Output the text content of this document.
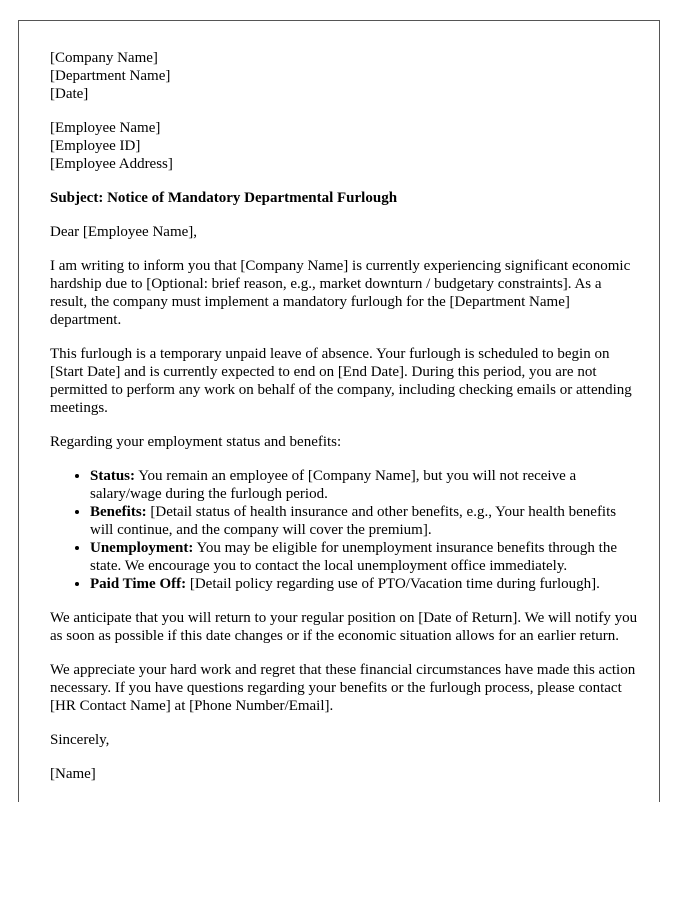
[Company Name]
[Department Name]
[Date]
[Employee Name]
[Employee ID]
[Employee Address]

Subject: Notice of Mandatory Departmental Furlough

Dear [Employee Name],

I am writing to inform you that [Company Name] is currently experiencing significant economic hardship due to [Optional: brief reason, e.g., market downturn / budgetary constraints]. As a result, the company must implement a mandatory furlough for the [Department Name] department.

This furlough is a temporary unpaid leave of absence. Your furlough is scheduled to begin on [Start Date] and is currently expected to end on [End Date]. During this period, you are not permitted to perform any work on behalf of the company, including checking emails or attending meetings.

Regarding your employment status and benefits:

• Status: You remain an employee of [Company Name], but you will not receive a salary/wage during the furlough period.
• Benefits: [Detail status of health insurance and other benefits, e.g., Your health benefits will continue, and the company will cover the premium].
• Unemployment: You may be eligible for unemployment insurance benefits through the state. We encourage you to contact the local unemployment office immediately.
• Paid Time Off: [Detail policy regarding use of PTO/Vacation time during furlough].

We anticipate that you will return to your regular position on [Date of Return]. We will notify you as soon as possible if this date changes or if the economic situation allows for an earlier return.

We appreciate your hard work and regret that these financial circumstances have made this action necessary. If you have questions regarding your benefits or the furlough process, please contact [HR Contact Name] at [Phone Number/Email].

Sincerely,

[Name]
